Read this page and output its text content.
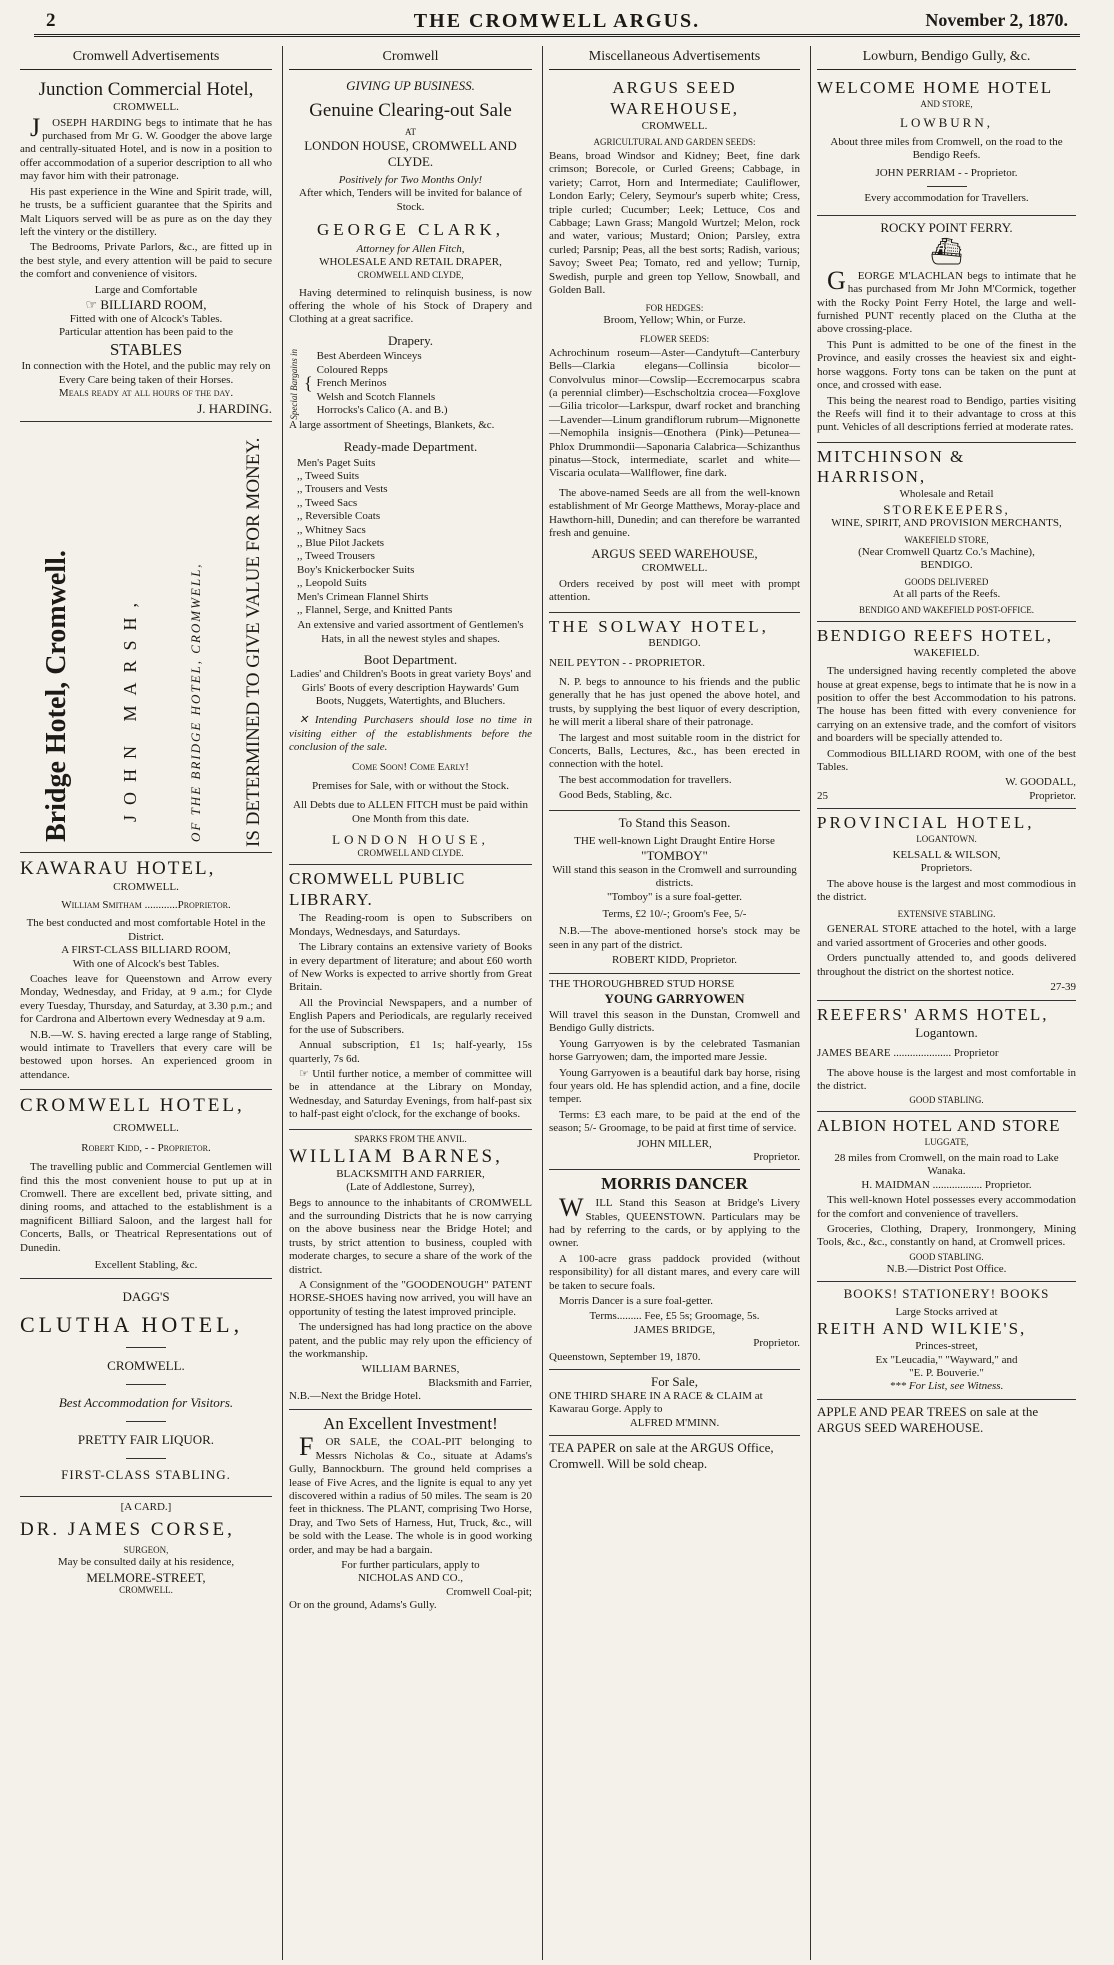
2	THE CROMWELL ARGUS.	November 2, 1870.
Cromwell Advertisements
Junction Commercial Hotel,
CROMWELL.

JOSEPH HARDING begs to intimate that he has purchased from Mr G. W. Goodger the above large and centrally-situated Hotel, and is now in a position to offer accommodation of a superior description to all who may favor him with their patronage.

His past experience in the Wine and Spirit trade, will, he trusts, be a sufficient guarantee that the Spirits and Malt Liquors served will be as pure as on the day they left the vintery or the distillery.

The Bedrooms, Private Parlors, &c., are fitted up in the best style, and every attention will be paid to secure the comfort and convenience of visitors.

Large and Comfortable
☞ BILLIARD ROOM,
Fitted with one of Alcock's Tables.
Particular attention has been paid to the
STABLES
In connection with the Hotel, and the public may rely on
Every Care being taken of their Horses.
Meals ready at all hours of the day.
J. HARDING.
Bridge Hotel, Cromwell.	JOHN MARSH,	OF THE BRIDGE HOTEL, CROMWELL, IS DETERMINED TO GIVE VALUE FOR MONEY.
KAWARAU HOTEL,
CROMWELL.
William Smitham ............Proprietor.
The best conducted and most comfortable Hotel in the District.
A FIRST-CLASS BILLIARD ROOM,
With one of Alcock's best Tables.

Coaches leave for Queenstown and Arrow every Monday, Wednesday, and Friday, at 9 a.m.; for Clyde every Tuesday, Thursday, and Saturday, at 3.30 p.m.; and for Cardrona and Albertown every Wednesday at 9 a.m.

N.B.—W. S. having erected a large range of Stabling, would intimate to Travellers that every care will be bestowed upon horses. An experienced groom in attendance.

CROMWELL HOTEL,
CROMWELL.
Robert Kidd, - - Proprietor.

The travelling public and Commercial Gentlemen will find this the most convenient house to put up at in Cromwell. There are excellent bed, private sitting, and dining rooms, and attached to the establishment is a magnificent Billiard Saloon, and the largest hall for Concerts, Balls, or Theatrical Representations out of Dunedin.

Excellent Stabling, &c.
DAGG'S
CLUTHA HOTEL,
CROMWELL.
Best Accommodation for Visitors.
PRETTY FAIR LIQUOR.
FIRST-CLASS STABLING.
[A CARD.]
DR. JAMES CORSE,
SURGEON,
May be consulted daily at his residence,
MELMORE-STREET,
CROMWELL.
Cromwell
GIVING UP BUSINESS.
Genuine Clearing-out Sale
AT
LONDON HOUSE, CROMWELL AND CLYDE.
Positively for Two Months Only!
After which, Tenders will be invited for balance of Stock.
GEORGE CLARK,
Attorney for Allen Fitch,
WHOLESALE AND RETAIL DRAPER,
CROMWELL AND CLYDE,

Having determined to relinquish business, is now offering the whole of his Stock of Drapery and Clothing at a great sacrifice.

Drapery.
Special Bargains in {
Best Aberdeen Winceys
Coloured Repps
French Merinos
Welsh and Scotch Flannels
Horrocks's Calico (A. and B.)
A large assortment of Sheetings, Blankets, &c.
Ready-made Department.
Men's Paget Suits
,, Tweed Suits
,, Trousers and Vests
,, Tweed Sacs
,, Reversible Coats
,, Whitney Sacs
,, Blue Pilot Jackets
,, Tweed Trousers
Boy's Knickerbocker Suits
,, Leopold Suits
Men's Crimean Flannel Shirts
,, Flannel, Serge, and Knitted Pants
An extensive and varied assortment of Gentlemen's Hats, in all the newest styles and shapes.
Boot Department.
Ladies' and Children's Boots in great variety Boys' and Girls' Boots of every description Haywards' Gum Boots, Nuggets, Watertights, and Bluchers.

✕ Intending Purchasers should lose no time in visiting either of the establishments before the conclusion of the sale.

Come Soon! Come Early!
Premises for Sale, with or without the Stock.
All Debts due to ALLEN FITCH must be paid within One Month from this date.
LONDON HOUSE,
CROMWELL AND CLYDE.
CROMWELL PUBLIC LIBRARY.

The Reading-room is open to Subscribers on Mondays, Wednesdays, and Saturdays.

The Library contains an extensive variety of Books in every department of literature; and about £60 worth of New Works is expected to arrive shortly from Great Britain.

All the Provincial Newspapers, and a number of English Papers and Periodicals, are regularly received for the use of Subscribers.

Annual subscription, £1 1s; half-yearly, 15s quarterly, 7s 6d.

☞ Until further notice, a member of committee will be in attendance at the Library on Monday, Wednesday, and Saturday Evenings, from half-past six to half-past eight o'clock, for the exchange of books.

SPARKS FROM THE ANVIL.
WILLIAM BARNES,
BLACKSMITH AND FARRIER,
(Late of Addlestone, Surrey),

Begs to announce to the inhabitants of CROMWELL and the surrounding Districts that he is now carrying on the above business near the Bridge Hotel; and trusts, by strict attention to business, coupled with moderate charges, to secure a share of the work of the district.

A Consignment of the "GOODENOUGH" PATENT HORSE-SHOES having now arrived, you will have an opportunity of testing the latest improved principle.

The undersigned has had long practice on the above patent, and the public may rely upon the efficiency of the workmanship.

WILLIAM BARNES,
Blacksmith and Farrier,
N.B.—Next the Bridge Hotel.
An Excellent Investment!

FOR SALE, the COAL-PIT belonging to Messrs Nicholas & Co., situate at Adams's Gully, Bannockburn. The ground held comprises a lease of Five Acres, and the lignite is equal to any yet discovered within a radius of 50 miles. The seam is 20 feet in thickness. The PLANT, comprising Two Horse, Dray, and Two Sets of Harness, Hut, Truck, &c., will be sold with the Lease. The whole is in good working order, and may be had a bargain.

For further particulars, apply to
NICHOLAS AND CO.,
Cromwell Coal-pit;
Or on the ground, Adams's Gully.
Miscellaneous Advertisements
ARGUS SEED WAREHOUSE,
CROMWELL.
AGRICULTURAL AND GARDEN SEEDS:

Beans, broad Windsor and Kidney; Beet, fine dark crimson; Borecole, or Curled Greens; Cabbage, in variety; Carrot, Horn and Intermediate; Cauliflower, London Early; Celery, Seymour's superb white; Cress, triple curled; Cucumber; Leek; Lettuce, Cos and Cabbage; Lawn Grass; Mangold Wurtzel; Melon, rock and water, various; Mustard; Onion; Parsley, extra curled; Parsnip; Peas, all the best sorts; Radish, various; Savoy; Sweet Pea; Tomato, red and yellow; Turnip, Swedish, purple and green top Yellow, Snowball, and Golden Ball.

FOR HEDGES:
Broom, Yellow; Whin, or Furze.
FLOWER SEEDS:

Achrochinum roseum—Aster—Candytuft—Canterbury Bells—Clarkia elegans—Collinsia bicolor—Convolvulus minor—Cowslip—Eccremocarpus scabra (a perennial climber)—Eschscholtzia crocea—Foxglove—Gilia tricolor—Larkspur, dwarf rocket and branching—Lavender—Linum grandiflorum rubrum—Mignonette—Nemophila insignis—Œnothera (Pink)—Petunea—Phlox Drummondii—Saponaria Calabrica—Schizanthus pinatus—Stock, intermediate, scarlet and white—Viscaria oculata—Wallflower, fine dark.

The above-named Seeds are all from the well-known establishment of Mr George Matthews, Moray-place and Hawthorn-hill, Dunedin; and can therefore be warranted fresh and genuine.

ARGUS SEED WAREHOUSE,
CROMWELL.

Orders received by post will meet with prompt attention.

THE SOLWAY HOTEL,
BENDIGO.
NEIL PEYTON - - PROPRIETOR.

N. P. begs to announce to his friends and the public generally that he has just opened the above hotel, and trusts, by supplying the best liquor of every description, he will merit a liberal share of their patronage.

The largest and most suitable room in the district for Concerts, Balls, Lectures, &c., has been erected in connection with the hotel.

The best accommodation for travellers.

Good Beds, Stabling, &c.

To Stand this Season.
THE well-known Light Draught Entire Horse
"TOMBOY"
Will stand this season in the Cromwell and surrounding districts.
"Tomboy" is a sure foal-getter.
Terms, £2 10/-; Groom's Fee, 5/-

N.B.—The above-mentioned horse's stock may be seen in any part of the district.

ROBERT KIDD, Proprietor.
THE THOROUGHBRED STUD HORSE
YOUNG GARRYOWEN

Will travel this season in the Dunstan, Cromwell and Bendigo Gully districts.

Young Garryowen is by the celebrated Tasmanian horse Garryowen; dam, the imported mare Jessie.

Young Garryowen is a beautiful dark bay horse, rising four years old. He has splendid action, and a fine, docile temper.

Terms: £3 each mare, to be paid at the end of the season; 5/- Groomage, to be paid at first time of service.

JOHN MILLER,
Proprietor.
MORRIS DANCER

WILL Stand this Season at Bridge's Livery Stables, QUEENSTOWN. Particulars may be had by referring to the cards, or by applying to the owner.

A 100-acre grass paddock provided (without responsibility) for all distant mares, and every care will be taken to secure foals.

Morris Dancer is a sure foal-getter.

Terms......... Fee, £5 5s; Groomage, 5s.
JAMES BRIDGE,
Proprietor.
Queenstown, September 19, 1870.
For Sale,
ONE THIRD SHARE IN A RACE & CLAIM at Kawarau Gorge. Apply to
ALFRED M'MINN.
TEA PAPER on sale at the ARGUS Office, Cromwell. Will be sold cheap.
Lowburn, Bendigo Gully, &c.
WELCOME HOME HOTEL
AND STORE,
LOWBURN,
About three miles from Cromwell, on the road to the Bendigo Reefs.
JOHN PERRIAM - - Proprietor.
Every accommodation for Travellers.
ROCKY POINT FERRY.
⛴

GEORGE M'LACHLAN begs to intimate that he has purchased from Mr John M'Cormick, together with the Rocky Point Ferry Hotel, the large and well-furnished PUNT recently placed on the Clutha at the above crossing-place.

This Punt is admitted to be one of the finest in the Province, and easily crosses the heaviest six and eight-horse waggons. Forty tons can be taken on the punt at once, and crossed with ease.

This being the nearest road to Bendigo, parties visiting the Reefs will find it to their advantage to cross at this punt. Vehicles of all descriptions ferried at moderate rates.

MITCHINSON & HARRISON,
Wholesale and Retail
STOREKEEPERS,
WINE, SPIRIT, AND PROVISION MERCHANTS,
WAKEFIELD STORE,
(Near Cromwell Quartz Co.'s Machine),
BENDIGO.
GOODS DELIVERED
At all parts of the Reefs.
BENDIGO AND WAKEFIELD POST-OFFICE.
BENDIGO REEFS HOTEL,
WAKEFIELD.

The undersigned having recently completed the above house at great expense, begs to intimate that he is now in a position to offer the best Accommodation to his patrons. The house has been fitted with every convenience for carrying on an extensive trade, and the comfort of visitors and boarders will be specially attended to.

Commodious BILLIARD ROOM, with one of the best Tables.

W. GOODALL,
25	Proprietor.
PROVINCIAL HOTEL,
LOGANTOWN.
KELSALL & WILSON,
Proprietors.

The above house is the largest and most commodious in the district.

EXTENSIVE STABLING.

GENERAL STORE attached to the hotel, with a large and varied assortment of Groceries and other goods.

Orders punctually attended to, and goods delivered throughout the district on the shortest notice.

27-39
REEFERS' ARMS HOTEL,
Logantown.
JAMES BEARE ..................... Proprietor

The above house is the largest and most comfortable in the district.

GOOD STABLING.
ALBION HOTEL AND STORE
LUGGATE,
28 miles from Cromwell, on the main road to Lake Wanaka.
H. MAIDMAN .................. Proprietor.

This well-known Hotel possesses every accommodation for the comfort and convenience of travellers.

Groceries, Clothing, Drapery, Ironmongery, Mining Tools, &c., &c., constantly on hand, at Cromwell prices.

GOOD STABLING.
N.B.—District Post Office.
BOOKS! STATIONERY! BOOKS
Large Stocks arrived at
REITH AND WILKIE'S,
Princes-street,
Ex "Leucadia," "Wayward," and
"E. P. Bouverie."
*** For List, see Witness.
APPLE AND PEAR TREES on sale at the ARGUS SEED WAREHOUSE.
